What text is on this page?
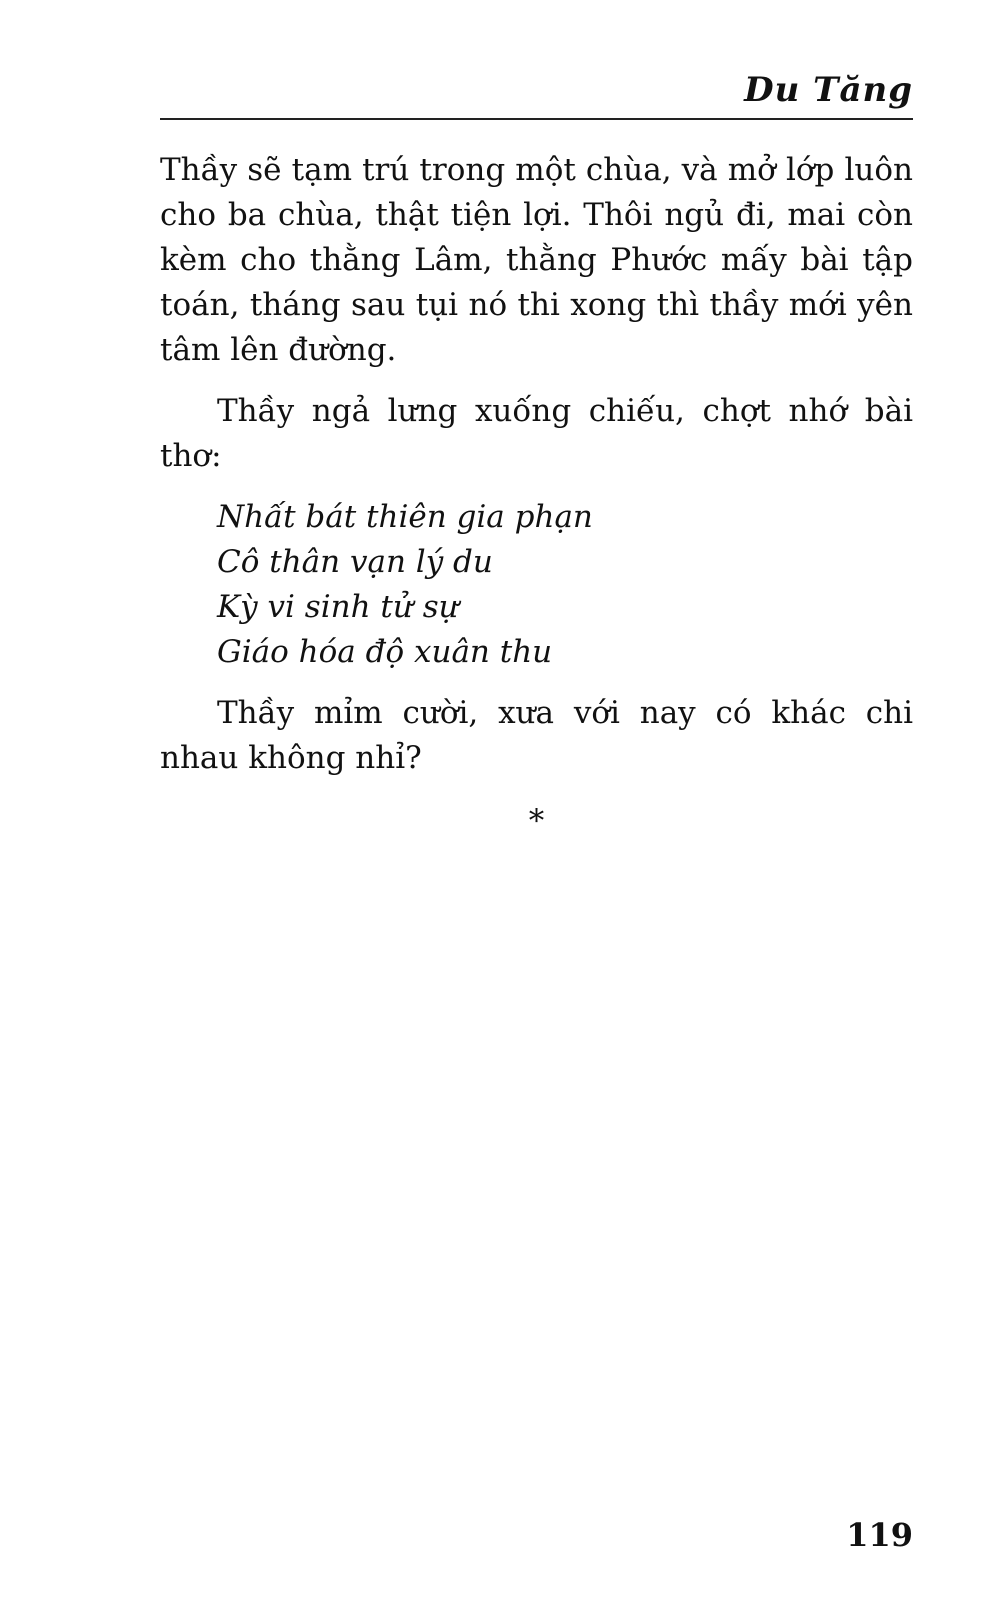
Du Tăng

Thầy sẽ tạm trú trong một chùa, và mở lớp luôn cho ba chùa, thật tiện lợi. Thôi ngủ đi, mai còn kèm cho thằng Lâm, thằng Phước mấy bài tập toán, tháng sau tụi nó thi xong thì thầy mới yên tâm lên đường.

Thầy ngả lưng xuống chiếu, chợt nhớ bài thơ:

Nhất bát thiên gia phạn
Cô thân vạn lý du
Kỳ vi sinh tử sự
Giáo hóa độ xuân thu

Thầy mỉm cười, xưa với nay có khác chi nhau không nhỉ?

*
119
